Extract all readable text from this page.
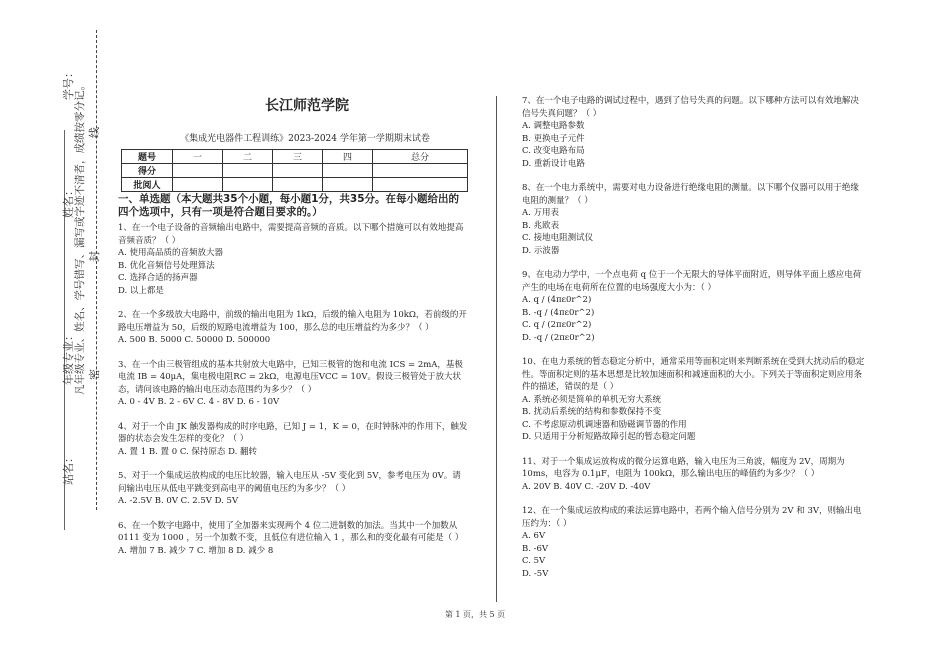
学号：
姓名：
年级专业：
站名：
凡年级专业、姓名、学号错写、漏写或字迹不清者，成绩按零分记。 密
封
线
长江师范学院
《集成光电器件工程训练》2023-2024 学年第一学期期末试卷
题号	一	二	三	四	总分
得分					
批阅人					
一、单选题（本大题共35个小题，每小题1分，共35分。在每小题给出的四个选项中，只有一项是符合题目要求的。）
1、在一个电子设备的音频输出电路中，需要提高音频的音质。以下哪个措施可以有效地提高音频音质？（ ）
A. 使用高品质的音频放大器
B. 优化音频信号处理算法
C. 选择合适的扬声器
D. 以上都是
2、在一个多级放大电路中，前级的输出电阻为 1kΩ，后级的输入电阻为 10kΩ，若前级的开路电压增益为 50，后级的短路电流增益为 100，那么总的电压增益约为多少？（ ）
A. 500 B. 5000 C. 50000 D. 500000
3、在一个由三极管组成的基本共射放大电路中，已知三极管的饱和电流 ICS = 2mA，基极电流 IB = 40μA，集电极电阻RC = 2kΩ，电源电压VCC = 10V。假设三极管处于放大状态，请问该电路的输出电压动态范围约为多少？（ ）
A. 0 - 4V B. 2 - 6V C. 4 - 8V D. 6 - 10V
4、对于一个由 JK 触发器构成的时序电路，已知 J = 1，K = 0，在时钟脉冲的作用下，触发器的状态会发生怎样的变化？（ ）
A. 置 1 B. 置 0 C. 保持原态 D. 翻转
5、对于一个集成运放构成的电压比较器，输入电压从 -5V 变化到 5V，参考电压为 0V。请问输出电压从低电平跳变到高电平的阈值电压约为多少？（ ）
A. -2.5V B. 0V C. 2.5V D. 5V
6、在一个数字电路中，使用了全加器来实现两个 4 位二进制数的加法。当其中一个加数从 0111 变为 1000 ，另一个加数不变，且低位有进位输入 1 ，那么和的变化最有可能是（ ）
A. 增加 7 B. 减少 7 C. 增加 8 D. 减少 8
7、在一个电子电路的调试过程中，遇到了信号失真的问题。以下哪种方法可以有效地解决信号失真问题？（ ）
A. 调整电路参数
B. 更换电子元件
C. 改变电路布局
D. 重新设计电路
8、在一个电力系统中，需要对电力设备进行绝缘电阻的测量。以下哪个仪器可以用于绝缘电阻的测量？（ ）
A. 万用表
B. 兆欧表
C. 接地电阻测试仪
D. 示波器
9、在电动力学中，一个点电荷 q 位于一个无限大的导体平面附近，则导体平面上感应电荷产生的电场在电荷所在位置的电场强度大小为：（ ）
A. q / (4πε0r^2)
B. -q / (4πε0r^2)
C. q / (2πε0r^2)
D. -q / (2πε0r^2)
10、在电力系统的暂态稳定分析中，通常采用等面积定则来判断系统在受到大扰动后的稳定性。等面积定则的基本思想是比较加速面积和减速面积的大小。下列关于等面积定则应用条件的描述，错误的是（ ）
A. 系统必须是简单的单机无穷大系统
B. 扰动后系统的结构和参数保持不变
C. 不考虑原动机调速器和励磁调节器的作用
D. 只适用于分析短路故障引起的暂态稳定问题
11、对于一个集成运放构成的微分运算电路，输入电压为三角波，幅度为 2V，周期为 10ms，电容为 0.1μF，电阻为 100kΩ，那么输出电压的峰值约为多少？（ ）
A. 20V B. 40V C. -20V D. -40V
12、在一个集成运放构成的乘法运算电路中，若两个输入信号分别为 2V 和 3V，则输出电压约为：（ ）
A. 6V
B. -6V
C. 5V
D. -5V
第 1 页，共 5 页
